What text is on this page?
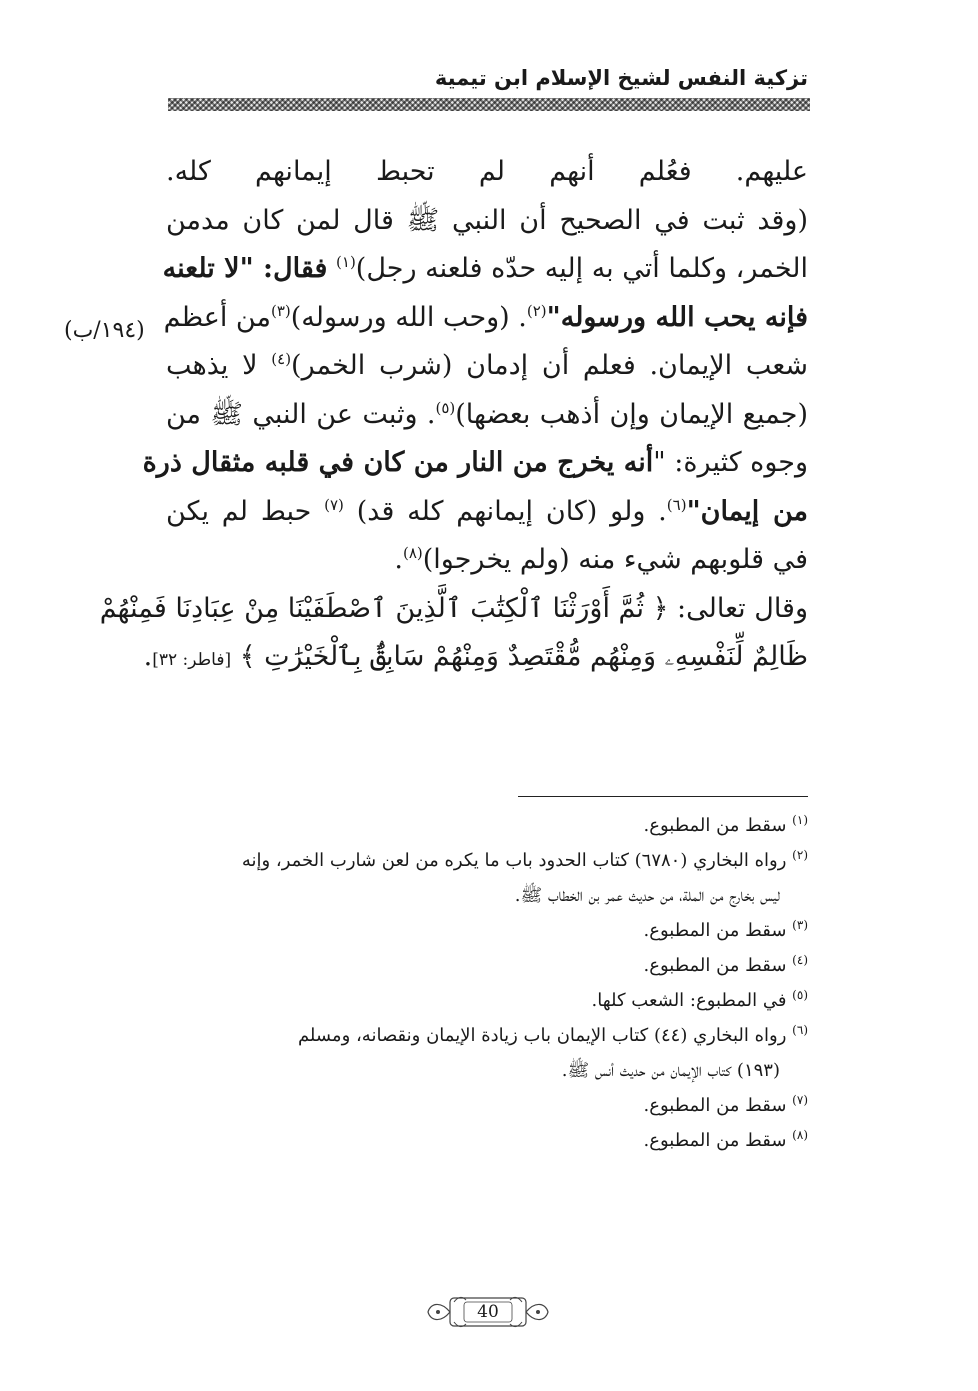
تزكية النفس لشيخ الإسلام ابن تيمية
(١٩٤/ب)
عليهم. فعُلم أنهم لم تحبط إيمانهم كله.
(وقد ثبت في الصحيح أن النبي ﷺ قال لمن كان مدمن
الخمر، وكلما أتي به إليه حدّه فلعنه رجل)$^{(١)}$ فقال: "لا تلعنه
فإنه يحب الله ورسوله"$^{(٢)}$. (وحب الله ورسوله)$^{(٣)}$من أعظم
شعب الإيمان. فعلم أن إدمان (شرب الخمر)$^{(٤)}$ لا يذهب
(جميع الإيمان وإن أذهب بعضها)$^{(٥)}$. وثبت عن النبي ﷺ من
وجوه كثيرة: "أنه يخرج من النار من كان في قلبه مثقال ذرة
من إيمان"$^{(٦)}$. ولو (كان إيمانهم كله قد) $^{(٧)}$ حبط لم يكن
في قلوبهم شيء منه (ولم يخرجوا)$^{(٨)}$.
وقال تعالى: ﴿ ثُمَّ أَوْرَثْنَا ٱلْكِتَٰبَ ٱلَّذِينَ ٱصْطَفَيْنَا مِنْ عِبَادِنَا فَمِنْهُمْ
ظَالِمٌ لِّنَفْسِهِۦ وَمِنْهُم مُّقْتَصِدٌ وَمِنْهُمْ سَابِقٌۢ بِٱلْخَيْرَٰتِ ﴾ [فاطر: ٣٢].
$^{(١)}$ سقط من المطبوع.
$^{(٢)}$ رواه البخاري (٦٧٨٠) كتاب الحدود باب ما يكره من لعن شارب الخمر، وإنه
ليس بخارج من الملة، من حديث عمر بن الخطاب ﷺ.
$^{(٣)}$ سقط من المطبوع.
$^{(٤)}$ سقط من المطبوع.
$^{(٥)}$ في المطبوع: الشعب كلها.
$^{(٦)}$ رواه البخاري (٤٤) كتاب الإيمان باب زيادة الإيمان ونقصانه، ومسلم
(١٩٣) كتاب الإيمان من حديث أنس ﷺ.
$^{(٧)}$ سقط من المطبوع.
$^{(٨)}$ سقط من المطبوع.
40
